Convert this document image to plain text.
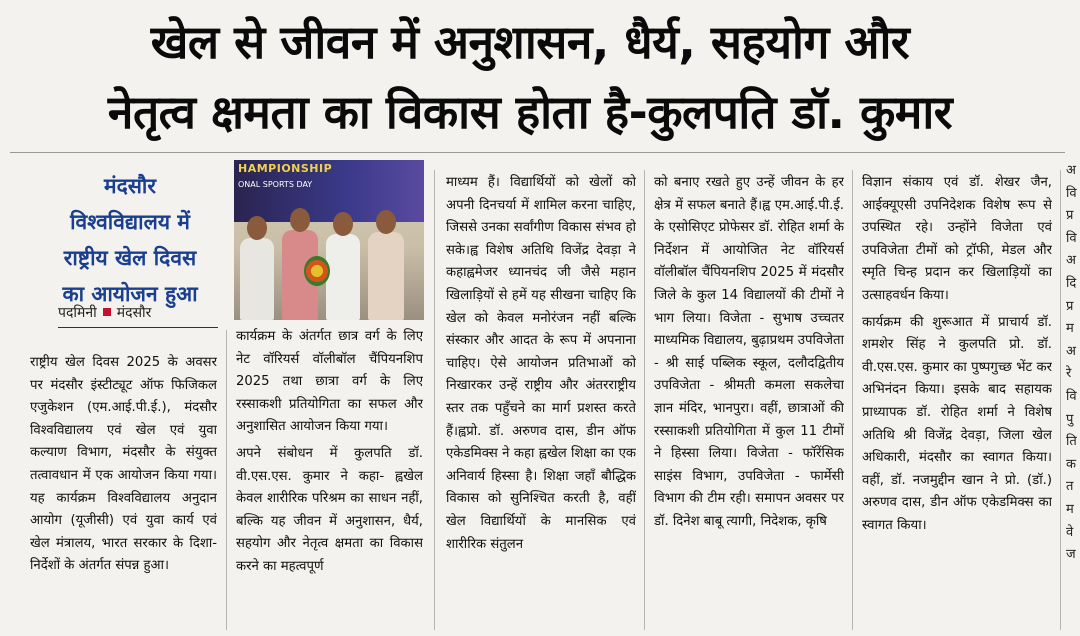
खेल से जीवन में अनुशासन, धैर्य, सहयोग और
नेतृत्व क्षमता का विकास होता है-कुलपति डॉ. कुमार
मंदसौर
विश्वविद्यालय में
राष्ट्रीय खेल दिवस
का आयोजन हुआ
पदमिनी मंदसौर
HAMPIONSHIP
ONAL SPORTS DAY

राष्ट्रीय खेल दिवस 2025 के अवसर पर मंदसौर इंस्टीट्यूट ऑफ फिजिकल एजुकेशन (एम.आई.पी.ई.), मंदसौर विश्वविद्यालय एवं खेल एवं युवा कल्याण विभाग, मंदसौर के संयुक्त तत्वावधान में एक आयोजन किया गया। यह कार्यक्रम विश्वविद्यालय अनुदान आयोग (यूजीसी) एवं युवा कार्य एवं खेल मंत्रालय, भारत सरकार के दिशा-निर्देशों के अंतर्गत संपन्न हुआ।

कार्यक्रम के अंतर्गत छात्र वर्ग के लिए नेट वॉरियर्स वॉलीबॉल चैंपियनशिप 2025 तथा छात्रा वर्ग के लिए रस्साकशी प्रतियोगिता का सफल और अनुशासित आयोजन किया गया।

अपने संबोधन में कुलपति डॉ. वी.एस.एस. कुमार ने कहा- ह्वखेल केवल शारीरिक परिश्रम का साधन नहीं, बल्कि यह जीवन में अनुशासन, धैर्य, सहयोग और नेतृत्व क्षमता का विकास करने का महत्वपूर्ण

माध्यम हैं। विद्यार्थियों को खेलों को अपनी दिनचर्या में शामिल करना चाहिए, जिससे उनका सर्वांगीण विकास संभव हो सके।ह्व विशेष अतिथि विजेंद्र देवड़ा ने कहाह्वमेजर ध्यानचंद जी जैसे महान खिलाड़ियों से हमें यह सीखना चाहिए कि खेल को केवल मनोरंजन नहीं बल्कि संस्कार और आदत के रूप में अपनाना चाहिए। ऐसे आयोजन प्रतिभाओं को निखारकर उन्हें राष्ट्रीय और अंतरराष्ट्रीय स्तर तक पहुँचने का मार्ग प्रशस्त करते हैं।ह्वप्रो. डॉ. अरुणव दास, डीन ऑफ एकेडमिक्स ने कहा ह्वखेल शिक्षा का एक अनिवार्य हिस्सा है। शिक्षा जहाँ बौद्धिक विकास को सुनिश्चित करती है, वहीं खेल विद्यार्थियों के मानसिक एवं शारीरिक संतुलन

को बनाए रखते हुए उन्हें जीवन के हर क्षेत्र में सफल बनाते हैं।ह्व एम.आई.पी.ई. के एसोसिएट प्रोफेसर डॉ. रोहित शर्मा के निर्देशन में आयोजित नेट वॉरियर्स वॉलीबॉल चैंपियनशिप 2025 में मंदसौर जिले के कुल 14 विद्यालयों की टीमों ने भाग लिया। विजेता - सुभाष उच्चतर माध्यमिक विद्यालय, बुढ़ाप्रथम उपविजेता - श्री साई पब्लिक स्कूल, दलौदद्वितीय उपविजेता - श्रीमती कमला सकलेचा ज्ञान मंदिर, भानपुरा। वहीं, छात्राओं की रस्साकशी प्रतियोगिता में कुल 11 टीमों ने हिस्सा लिया। विजेता - फॉरेंसिक साइंस विभाग, उपविजेता - फार्मेसी विभाग की टीम रही। समापन अवसर पर डॉ. दिनेश बाबू त्यागी, निदेशक, कृषि

विज्ञान संकाय एवं डॉ. शेखर जैन, आईक्यूएसी उपनिदेशक विशेष रूप से उपस्थित रहे। उन्होंने विजेता एवं उपविजेता टीमों को ट्रॉफी, मेडल और स्मृति चिन्ह प्रदान कर खिलाड़ियों का उत्साहवर्धन किया।

कार्यक्रम की शुरूआत में प्राचार्य डॉ. शमशेर सिंह ने कुलपति प्रो. डॉ. वी.एस.एस. कुमार का पुष्पगुच्छ भेंट कर अभिनंदन किया। इसके बाद सहायक प्राध्यापक डॉ. रोहित शर्मा ने विशेष अतिथि श्री विजेंद्र देवड़ा, जिला खेल अधिकारी, मंदसौर का स्वागत किया। वहीं, डॉ. नजमुद्दीन खान ने प्रो. (डॉ.) अरुणव दास, डीन ऑफ एकेडमिक्स का स्वागत किया।

अ
वि
प्र
वि
अ
दि
प्र
म
अ
रे
वि
पु
ति
क
त
म
वे
ज
